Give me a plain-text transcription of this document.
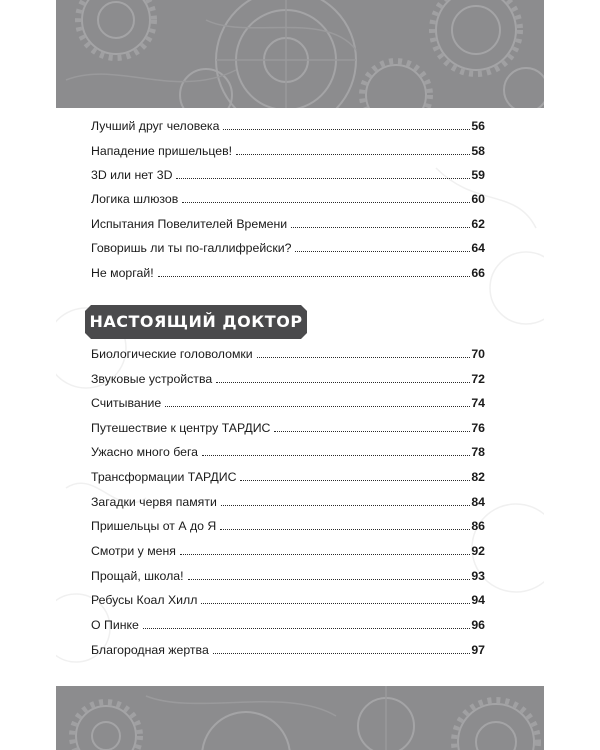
Лучший друг человека	56
Нападение пришельцев!	58
3D или нет 3D	59
Логика шлюзов	60
Испытания Повелителей Времени	62
Говоришь ли ты по-галлифрейски?	64
Не моргай!	66
НАСТОЯЩИЙ ДОКТОР
Биологические головоломки	70
Звуковые устройства	72
Считывание	74
Путешествие к центру ТАРДИС	76
Ужасно много бега	78
Трансформации ТАРДИС	82
Загадки червя памяти	84
Пришельцы от А до Я	86
Смотри у меня	92
Прощай, школа!	93
Ребусы Коал Хилл	94
О Пинке	96
Благородная жертва	97
